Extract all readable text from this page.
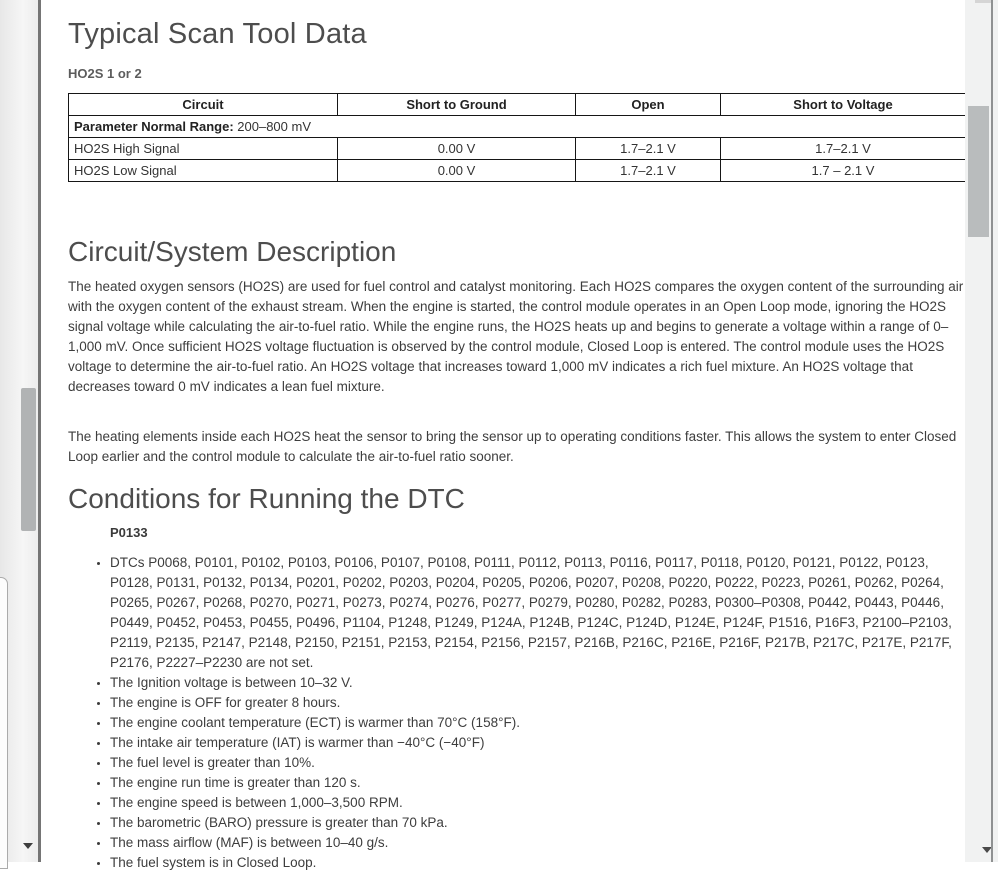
Typical Scan Tool Data
HO2S 1 or 2
Circuit	Short to Ground	Open	Short to Voltage
Parameter Normal Range: 200–800 mV			
HO2S High Signal	0.00 V	1.7–2.1 V	1.7–2.1 V
HO2S Low Signal	0.00 V	1.7–2.1 V	1.7 – 2.1 V
Circuit/System Description

The heated oxygen sensors (HO2S) are used for fuel control and catalyst monitoring. Each HO2S compares the oxygen content of the surrounding air with the oxygen content of the exhaust stream. When the engine is started, the control module operates in an Open Loop mode, ignoring the HO2S signal voltage while calculating the air-to-fuel ratio. While the engine runs, the HO2S heats up and begins to generate a voltage within a range of 0–1,000 mV. Once sufficient HO2S voltage fluctuation is observed by the control module, Closed Loop is entered. The control module uses the HO2S voltage to determine the air-to-fuel ratio. An HO2S voltage that increases toward 1,000 mV indicates a rich fuel mixture. An HO2S voltage that decreases toward 0 mV indicates a lean fuel mixture.

The heating elements inside each HO2S heat the sensor to bring the sensor up to operating conditions faster. This allows the system to enter Closed Loop earlier and the control module to calculate the air-to-fuel ratio sooner.

Conditions for Running the DTC
P0133
• DTCs P0068, P0101, P0102, P0103, P0106, P0107, P0108, P0111, P0112, P0113, P0116, P0117, P0118, P0120, P0121, P0122, P0123, P0128, P0131, P0132, P0134, P0201, P0202, P0203, P0204, P0205, P0206, P0207, P0208, P0220, P0222, P0223, P0261, P0262, P0264, P0265, P0267, P0268, P0270, P0271, P0273, P0274, P0276, P0277, P0279, P0280, P0282, P0283, P0300–P0308, P0442, P0443, P0446, P0449, P0452, P0453, P0455, P0496, P1104, P1248, P1249, P124A, P124B, P124C, P124D, P124E, P124F, P1516, P16F3, P2100–P2103, P2119, P2135, P2147, P2148, P2150, P2151, P2153, P2154, P2156, P2157, P216B, P216C, P216E, P216F, P217B, P217C, P217E, P217F, P2176, P2227–P2230 are not set.
• The Ignition voltage is between 10–32 V.
• The engine is OFF for greater 8 hours.
• The engine coolant temperature (ECT) is warmer than 70°C (158°F).
• The intake air temperature (IAT) is warmer than −40°C (−40°F)
• The fuel level is greater than 10%.
• The engine run time is greater than 120 s.
• The engine speed is between 1,000–3,500 RPM.
• The barometric (BARO) pressure is greater than 70 kPa.
• The mass airflow (MAF) is between 10–40 g/s.
• The fuel system is in Closed Loop.
